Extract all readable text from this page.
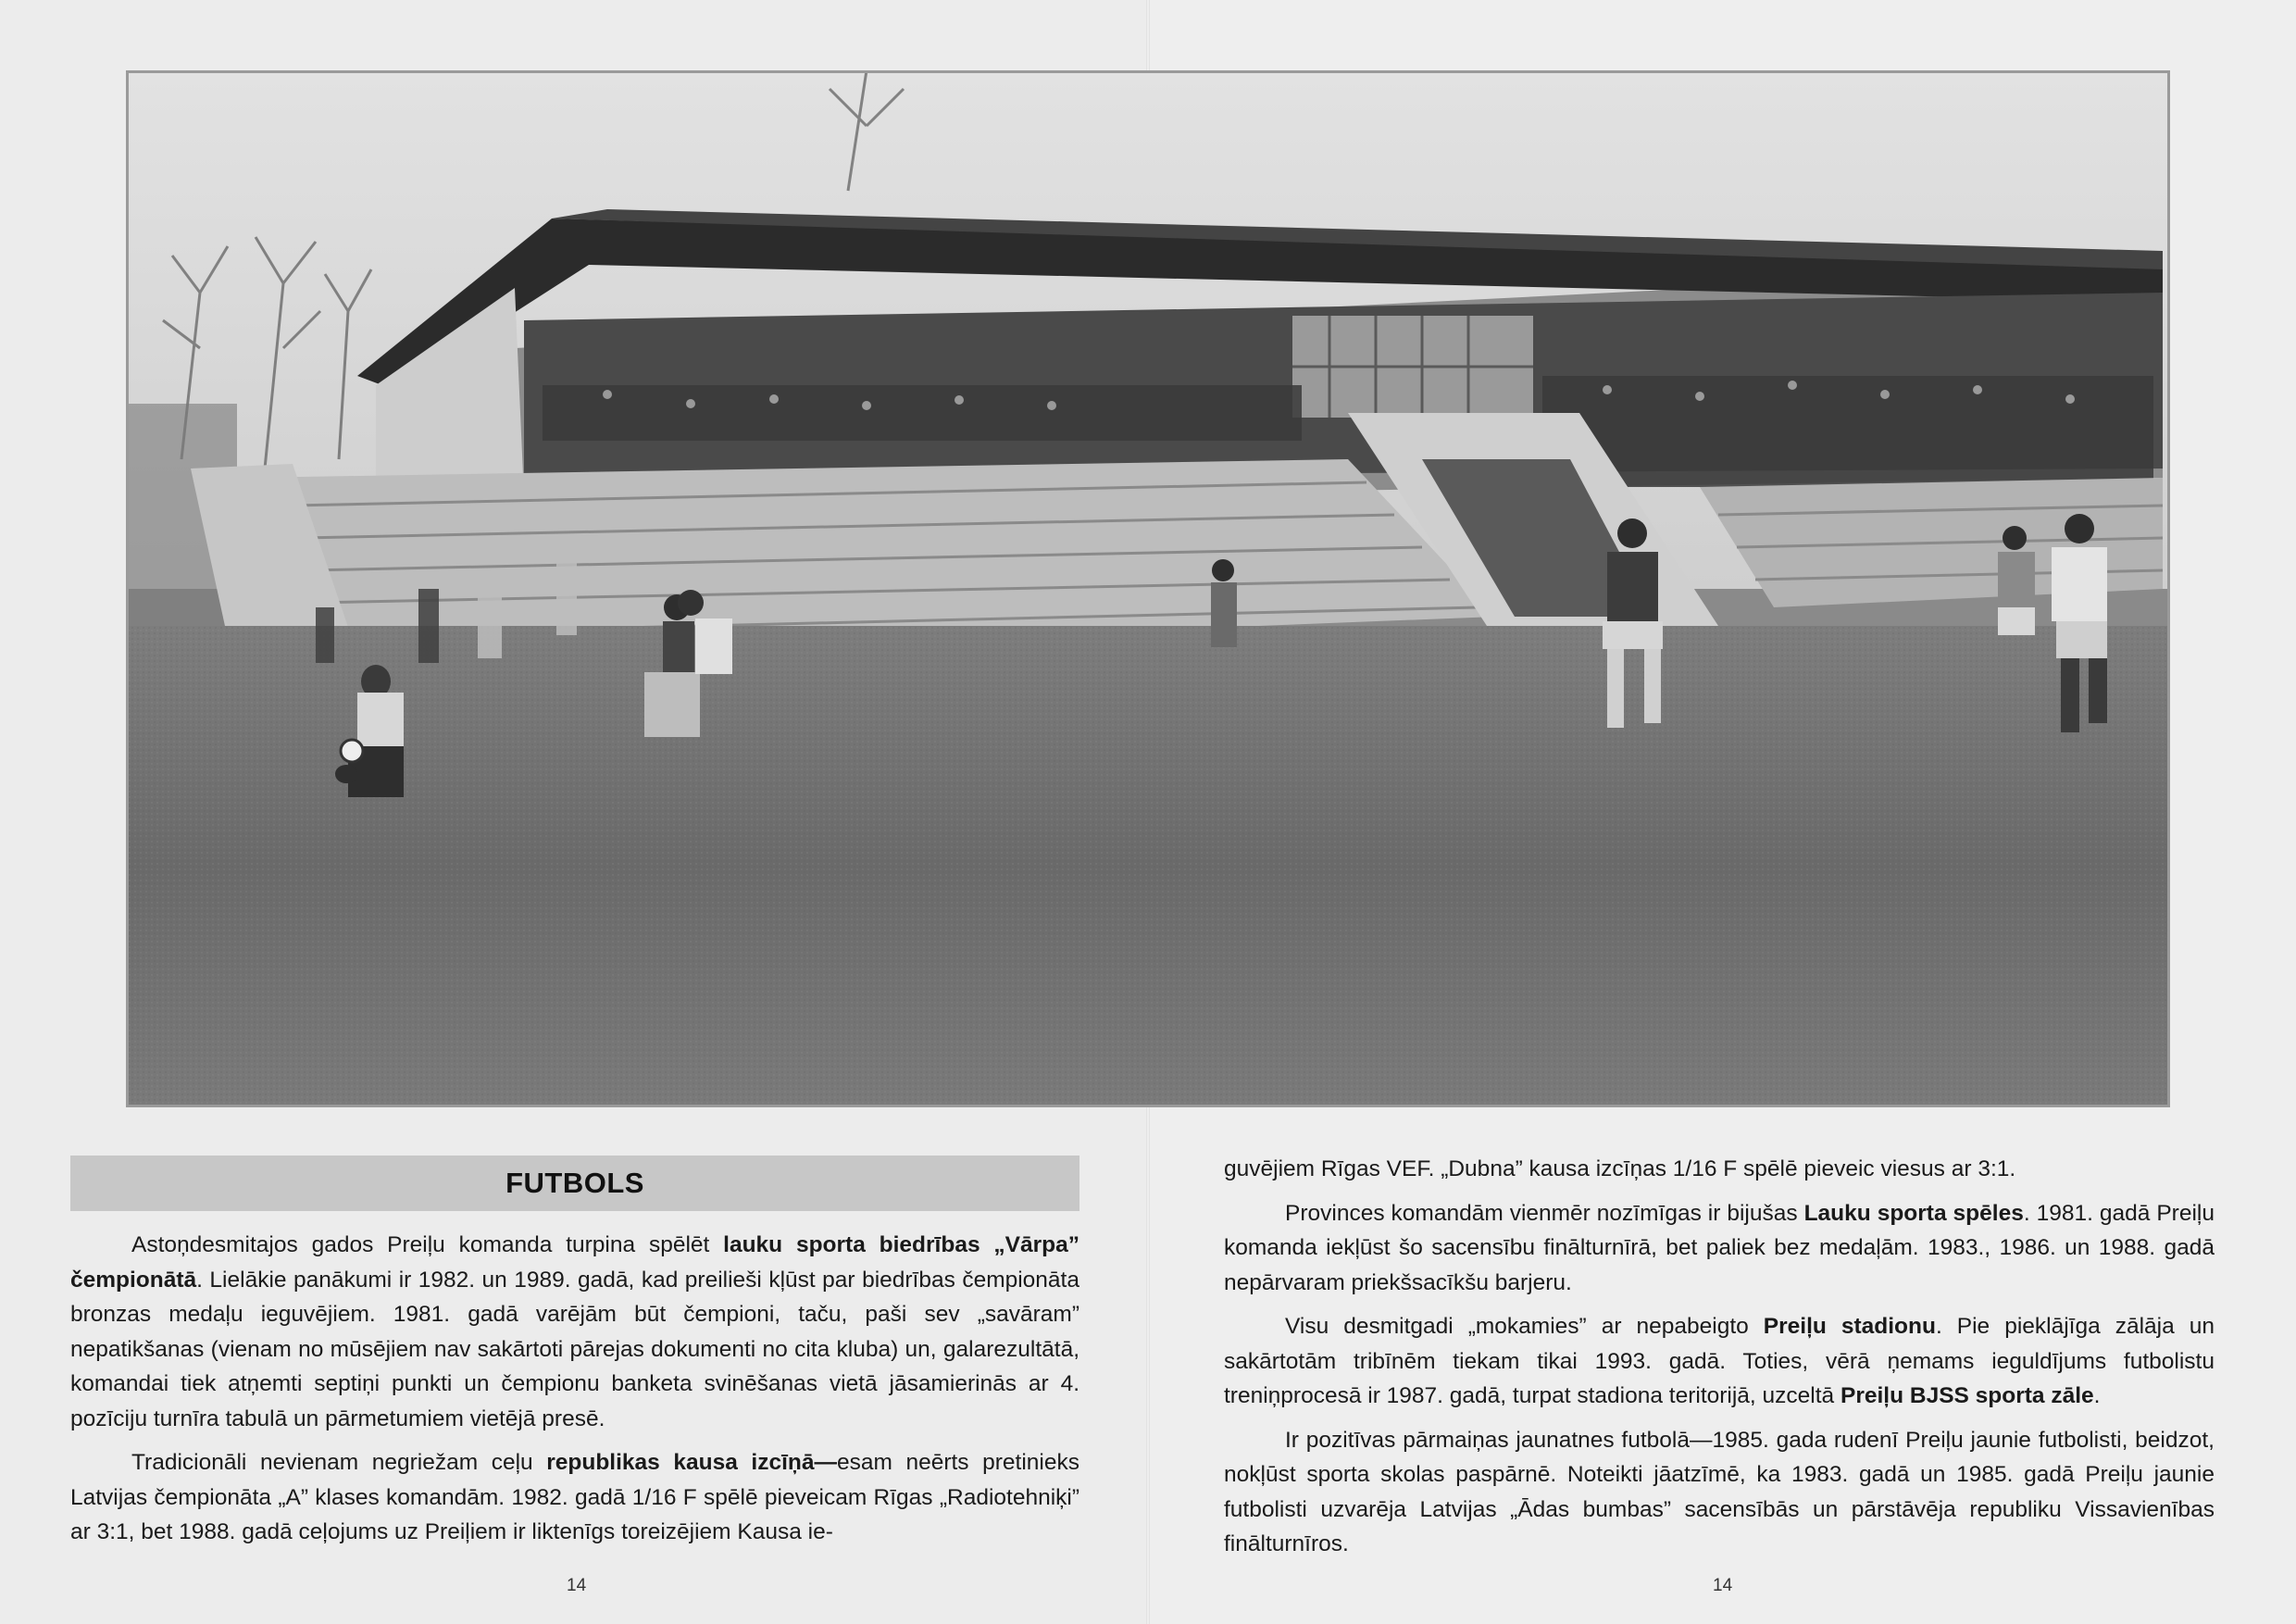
FUTBOLS

Astoņdesmitajos gados Preiļu komanda turpina spēlēt lauku sporta biedrības „Vārpa” čempionātā. Lielākie panākumi ir 1982. un 1989. gadā, kad preilieši kļūst par biedrības čempionāta bronzas medaļu ieguvējiem. 1981. gadā varējām būt čempioni, taču, paši sev „savāram” nepatikšanas (vienam no mūsējiem nav sakārtoti pārejas dokumenti no cita kluba) un, galarezultātā, komandai tiek atņemti septiņi punkti un čempionu banketa svinēšanas vietā jāsamierinās ar 4. pozīciju turnīra tabulā un pārmetumiem vietējā presē.

Tradicionāli nevienam negriežam ceļu republikas kausa izcīņā—esam neērts pretinieks Latvijas čempionāta „A” klases komandām. 1982. gadā 1/16 F spēlē pieveicam Rīgas „Radiotehniķi” ar 3:1, bet 1988. gadā ceļojums uz Preiļiem ir liktenīgs toreizējiem Kausa ie-

guvējiem Rīgas VEF. „Dubna” kausa izcīņas 1/16 F spēlē pieveic viesus ar 3:1.

Provinces komandām vienmēr nozīmīgas ir bijušas Lauku sporta spēles. 1981. gadā Preiļu komanda iekļūst šo sacensību finālturnīrā, bet paliek bez medaļām. 1983., 1986. un 1988. gadā nepārvaram priekšsacīkšu barjeru.

Visu desmitgadi „mokamies” ar nepabeigto Preiļu stadionu. Pie pieklājīga zālāja un sakārtotām tribīnēm tiekam tikai 1993. gadā. Toties, vērā ņemams ieguldījums futbolistu treniņprocesā ir 1987. gadā, turpat stadiona teritorijā, uzceltā Preiļu BJSS sporta zāle.

Ir pozitīvas pārmaiņas jaunatnes futbolā—1985. gada rudenī Preiļu jaunie futbolisti, beidzot, nokļūst sporta skolas paspārnē. Noteikti jāatzīmē, ka 1983. gadā un 1985. gadā Preiļu jaunie futbolisti uzvarēja Latvijas „Ādas bumbas” sacensībās un pārstāvēja republiku Vissavienības finālturnīros.

14	14
